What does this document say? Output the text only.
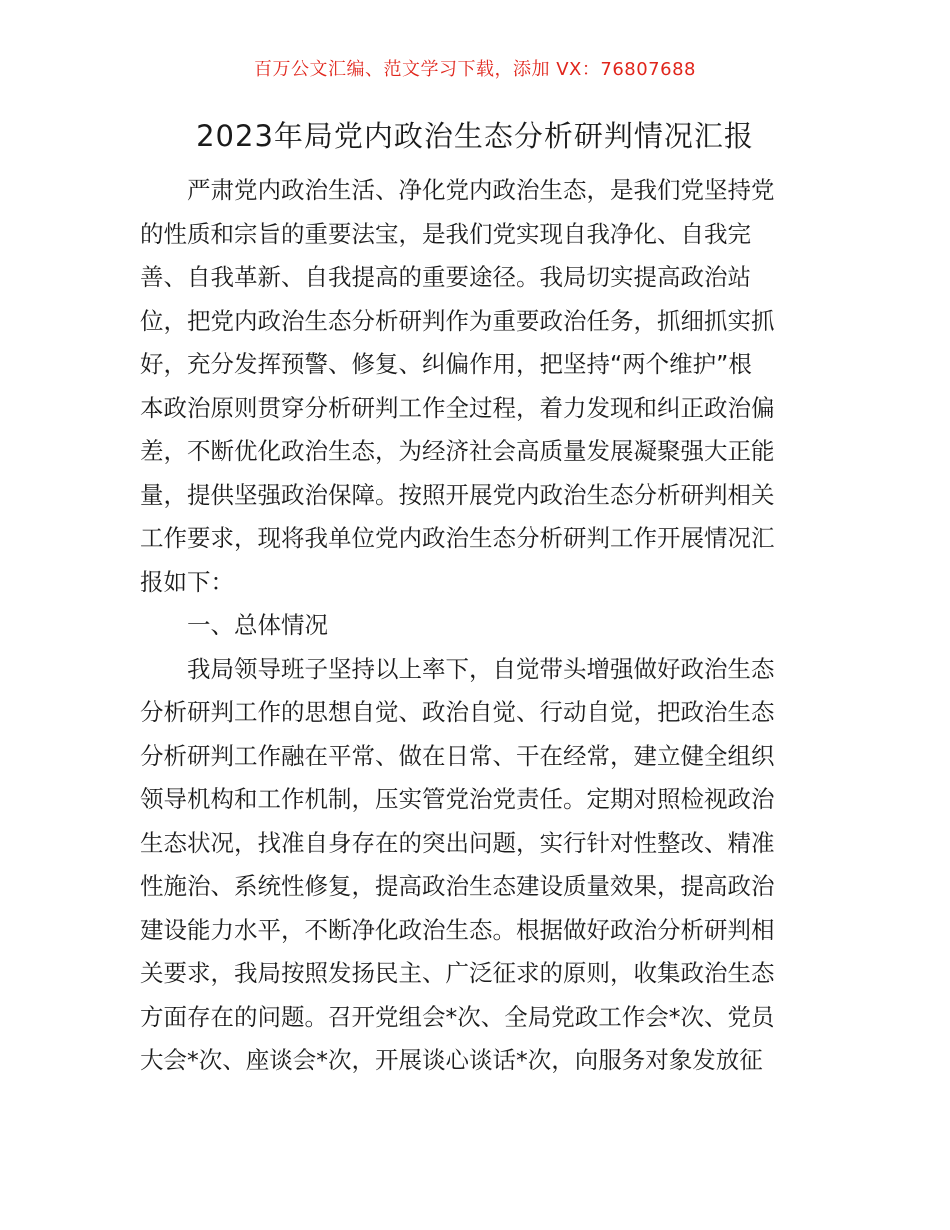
百万公文汇编、范文学习下载，添加 VX：76807688
2023年局党内政治生态分析研判情况汇报
　　严肃党内政治生活、净化党内政治生态，是我们党坚持党
的性质和宗旨的重要法宝，是我们党实现自我净化、自我完
善、自我革新、自我提高的重要途径。我局切实提高政治站
位，把党内政治生态分析研判作为重要政治任务，抓细抓实抓
好，充分发挥预警、修复、纠偏作用，把坚持“两个维护”根
本政治原则贯穿分析研判工作全过程，着力发现和纠正政治偏
差，不断优化政治生态，为经济社会高质量发展凝聚强大正能
量，提供坚强政治保障。按照开展党内政治生态分析研判相关
工作要求，现将我单位党内政治生态分析研判工作开展情况汇
报如下：
　　一、总体情况
　　我局领导班子坚持以上率下，自觉带头增强做好政治生态
分析研判工作的思想自觉、政治自觉、行动自觉，把政治生态
分析研判工作融在平常、做在日常、干在经常，建立健全组织
领导机构和工作机制，压实管党治党责任。定期对照检视政治
生态状况，找准自身存在的突出问题，实行针对性整改、精准
性施治、系统性修复，提高政治生态建设质量效果，提高政治
建设能力水平，不断净化政治生态。根据做好政治分析研判相
关要求，我局按照发扬民主、广泛征求的原则，收集政治生态
方面存在的问题。召开党组会*次、全局党政工作会*次、党员
大会*次、座谈会*次，开展谈心谈话*次，向服务对象发放征
